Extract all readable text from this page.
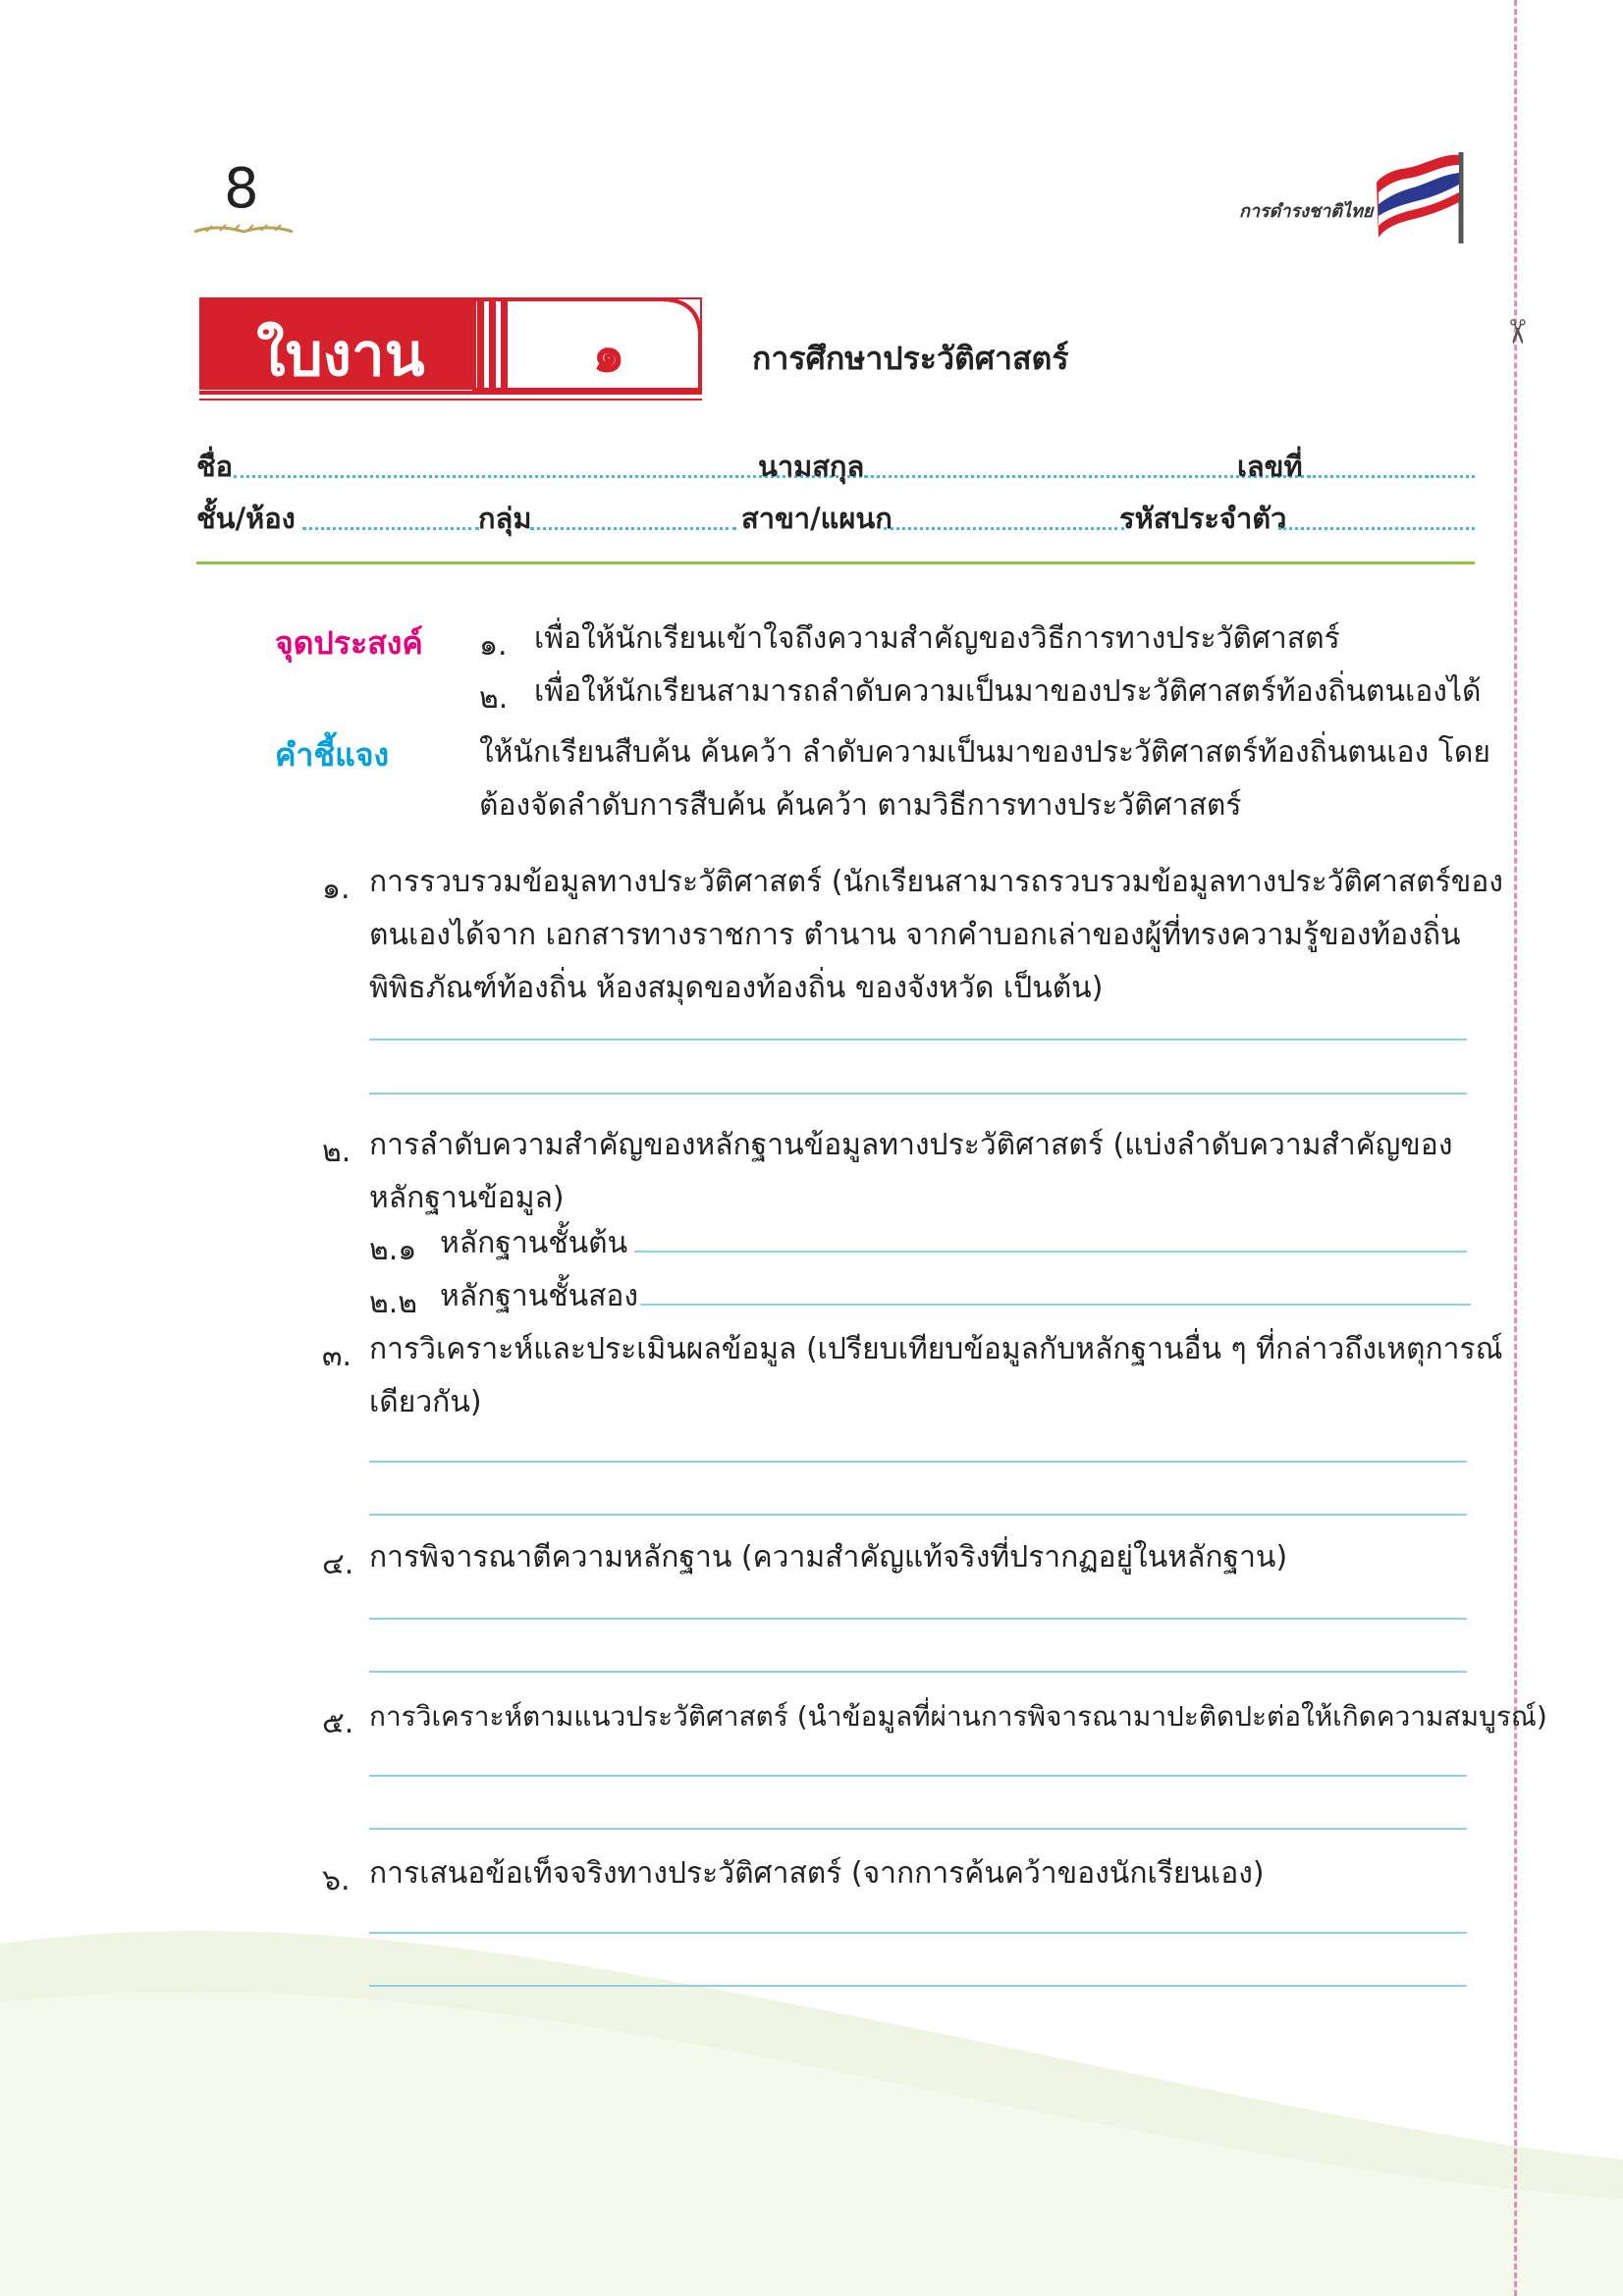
✂
8	การดำรงชาติไทย
ใบงาน	๑	การศึกษาประวัติศาสตร์
ชื่อ	นามสกุล	เลขที่
ชั้น/ห้อง	กลุ่ม	สาขา/แผนก	รหัสประจำตัว
จุดประสงค์ ๑. เพื่อให้นักเรียนเข้าใจถึงความสำคัญของวิธีการทางประวัติศาสตร์
๒. เพื่อให้นักเรียนสามารถลำดับความเป็นมาของประวัติศาสตร์ท้องถิ่นตนเองได้
คำชี้แจง	ให้นักเรียนสืบค้น ค้นคว้า ลำดับความเป็นมาของประวัติศาสตร์ท้องถิ่นตนเอง โดย
ต้องจัดลำดับการสืบค้น ค้นคว้า ตามวิธีการทางประวัติศาสตร์
๑. การรวบรวมข้อมูลทางประวัติศาสตร์ (นักเรียนสามารถรวบรวมข้อมูลทางประวัติศาสตร์ของ
ตนเองได้จาก เอกสารทางราชการ ตำนาน จากคำบอกเล่าของผู้ที่ทรงความรู้ของท้องถิ่น
พิพิธภัณฑ์ท้องถิ่น ห้องสมุดของท้องถิ่น ของจังหวัด เป็นต้น)
๒. การลำดับความสำคัญของหลักฐานข้อมูลทางประวัติศาสตร์ (แบ่งลำดับความสำคัญของ
หลักฐานข้อมูล)
๒.๑ หลักฐานชั้นต้น
๒.๒ หลักฐานชั้นสอง
๓. การวิเคราะห์และประเมินผลข้อมูล (เปรียบเทียบข้อมูลกับหลักฐานอื่น ๆ ที่กล่าวถึงเหตุการณ์
เดียวกัน)
๔. การพิจารณาตีความหลักฐาน (ความสำคัญแท้จริงที่ปรากฏอยู่ในหลักฐาน)
๕. การวิเคราะห์ตามแนวประวัติศาสตร์ (นำข้อมูลที่ผ่านการพิจารณามาปะติดปะต่อให้เกิดความสมบูรณ์)
๖. การเสนอข้อเท็จจริงทางประวัติศาสตร์ (จากการค้นคว้าของนักเรียนเอง)
